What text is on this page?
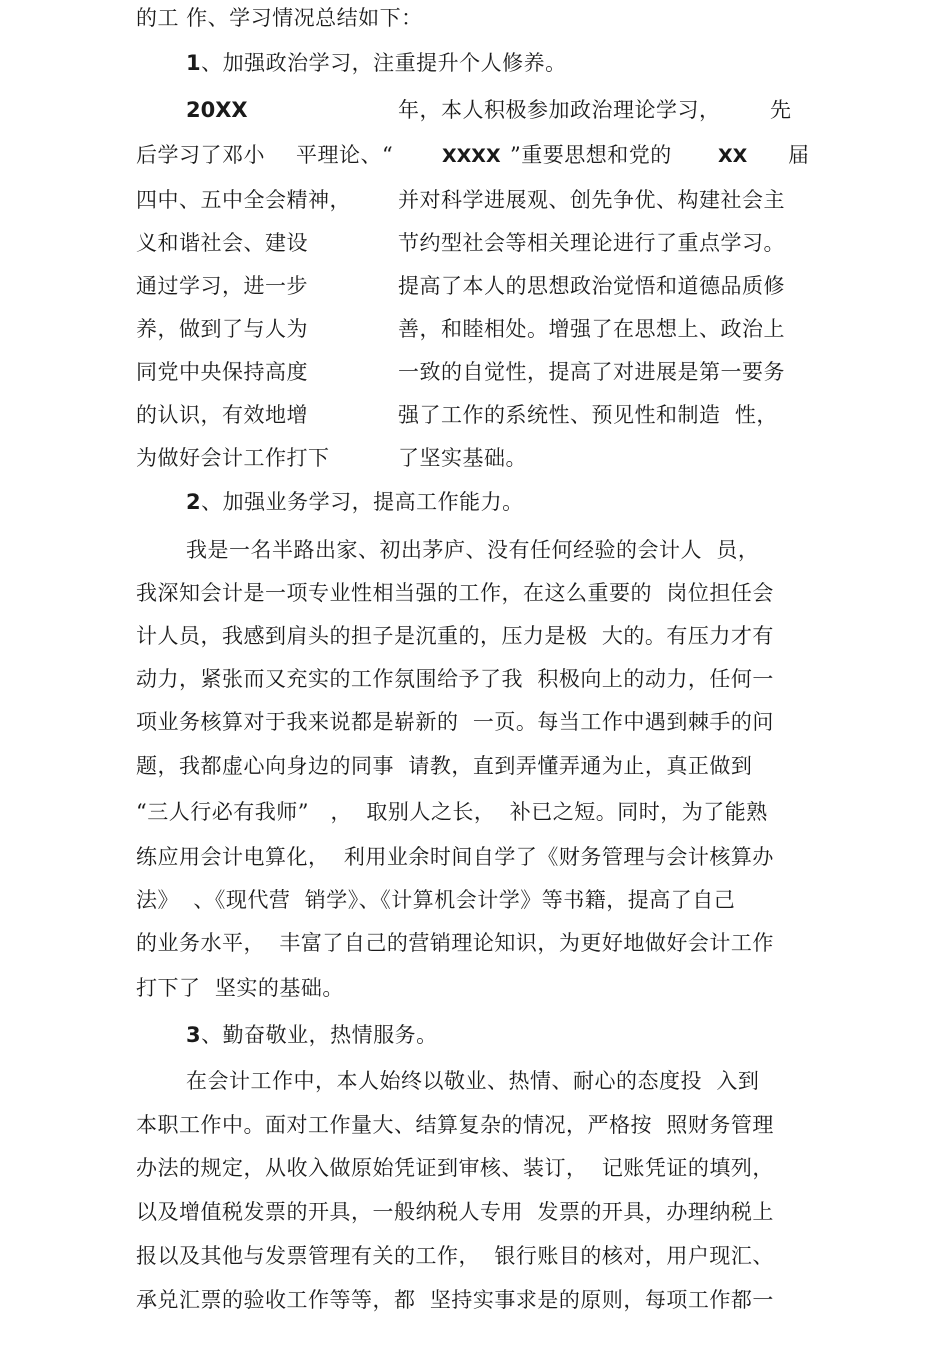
的工 作、学习情况总结如下：
1、加强政治学习，注重提升个人修养。
20XX	年，本人积极参加政治理论学习， 先
后学习了邓小 平理论、“	XXXX ”重要思想和党的 XX 届
四中、五中全会精神， 并对科学进展观、创先争优、构建社会主
义和谐社会、建设	节约型社会等相关理论进行了重点学习。
通过学习，进一步	提高了本人的思想政治觉悟和道德品质修
养，做到了与人为	善，和睦相处。增强了在思想上、政治上
同党中央保持高度	一致的自觉性，提高了对进展是第一要务
的认识，有效地增	强了工作的系统性、预见性和制造  性，
为做好会计工作打下	了坚实基础。
2、加强业务学习，提高工作能力。
我是一名半路出家、初出茅庐、没有任何经验的会计人  员，
我深知会计是一项专业性相当强的工作，在这么重要的  岗位担任会
计人员，我感到肩头的担子是沉重的，压力是极  大的。有压力才有
动力，紧张而又充实的工作氛围给予了我  积极向上的动力，任何一
项业务核算对于我来说都是崭新的  一页。每当工作中遇到棘手的问
题，我都虚心向身边的同事  请教，直到弄懂弄通为止，真正做到
“三人行必有我师”   ，  取别人之长，  补已之短。同时，为了能熟
练应用会计电算化，  利用业余时间自学了《财务管理与会计核算办
法》  、《现代营  销学》、《计算机会计学》等书籍，提高了自己
的业务水平，  丰富了自己的营销理论知识，为更好地做好会计工作
打下了  坚实的基础。
3、勤奋敬业，热情服务。
在会计工作中，本人始终以敬业、热情、耐心的态度投  入到
本职工作中。面对工作量大、结算复杂的情况，严格按  照财务管理
办法的规定，从收入做原始凭证到审核、装订，  记账凭证的填列，
以及增值税发票的开具，一般纳税人专用  发票的开具，办理纳税上
报以及其他与发票管理有关的工作，  银行账目的核对，用户现汇、
承兑汇票的验收工作等等，都  坚持实事求是的原则，每项工作都一
